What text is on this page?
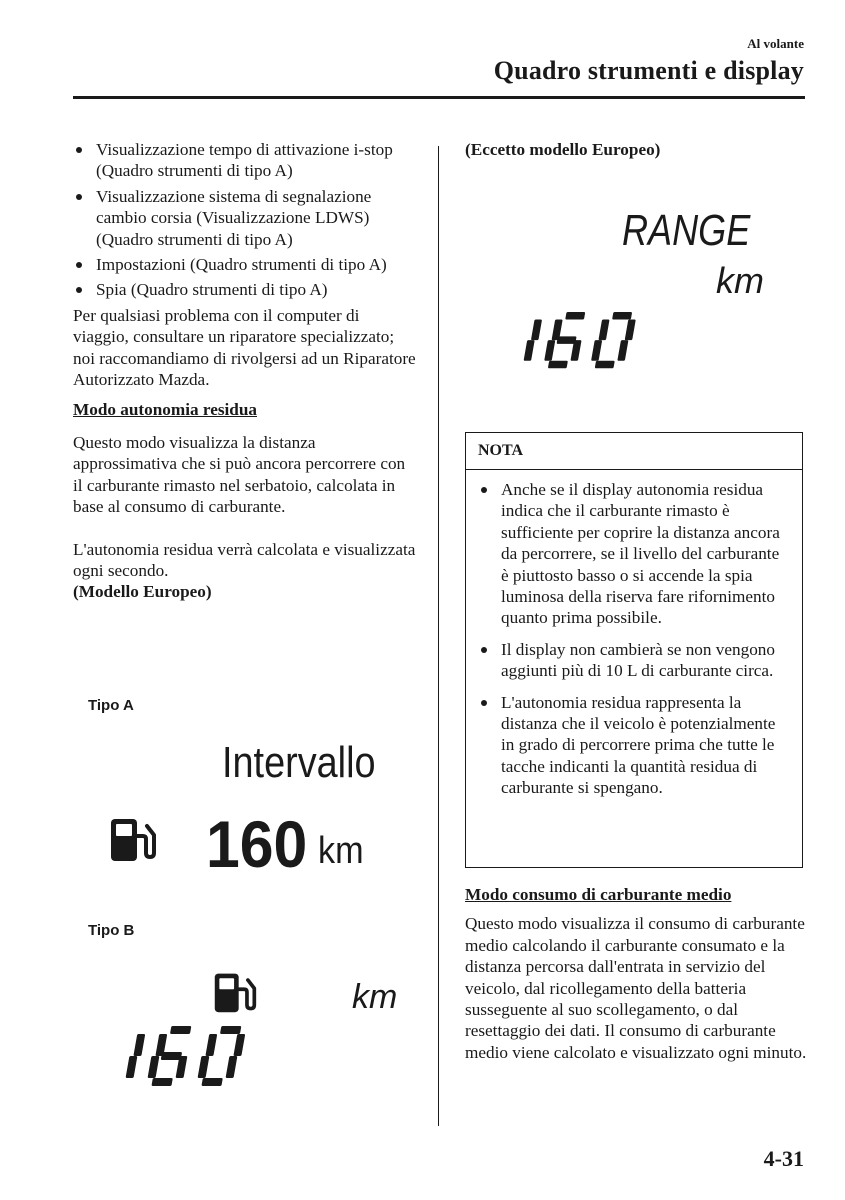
Al volante
Quadro strumenti e display
Visualizzazione tempo di attivazione i-stop (Quadro strumenti di tipo A)
Visualizzazione sistema di segnalazione cambio corsia (Visualizzazione LDWS) (Quadro strumenti di tipo A)
Impostazioni (Quadro strumenti di tipo A)
Spia (Quadro strumenti di tipo A)

Per qualsiasi problema con il computer di viaggio, consultare un riparatore specializzato; noi raccomandiamo di rivolgersi ad un Riparatore Autorizzato Mazda.

Modo autonomia residua

Questo modo visualizza la distanza approssimativa che si può ancora percorrere con il carburante rimasto nel serbatoio, calcolata in base al consumo di carburante.

L'autonomia residua verrà calcolata e visualizzata ogni secondo.

(Modello Europeo)

Tipo A
Intervallo
160 km
Tipo B
km

(Eccetto modello Europeo)

RANGE
km
NOTA
Anche se il display autonomia residua indica che il carburante rimasto è sufficiente per coprire la distanza ancora da percorrere, se il livello del carburante è piuttosto basso o si accende la spia luminosa della riserva fare rifornimento quanto prima possibile.
Il display non cambierà se non vengono aggiunti più di 10 L di carburante circa.
L'autonomia residua rappresenta la distanza che il veicolo è potenzialmente in grado di percorrere prima che tutte le tacche indicanti la quantità residua di carburante si spengano.

Modo consumo di carburante medio

Questo modo visualizza il consumo di carburante medio calcolando il carburante consumato e la distanza percorsa dall'entrata in servizio del veicolo, dal ricollegamento della batteria susseguente al suo scollegamento, o dal resettaggio dei dati. Il consumo di carburante medio viene calcolato e visualizzato ogni minuto.

4-31
